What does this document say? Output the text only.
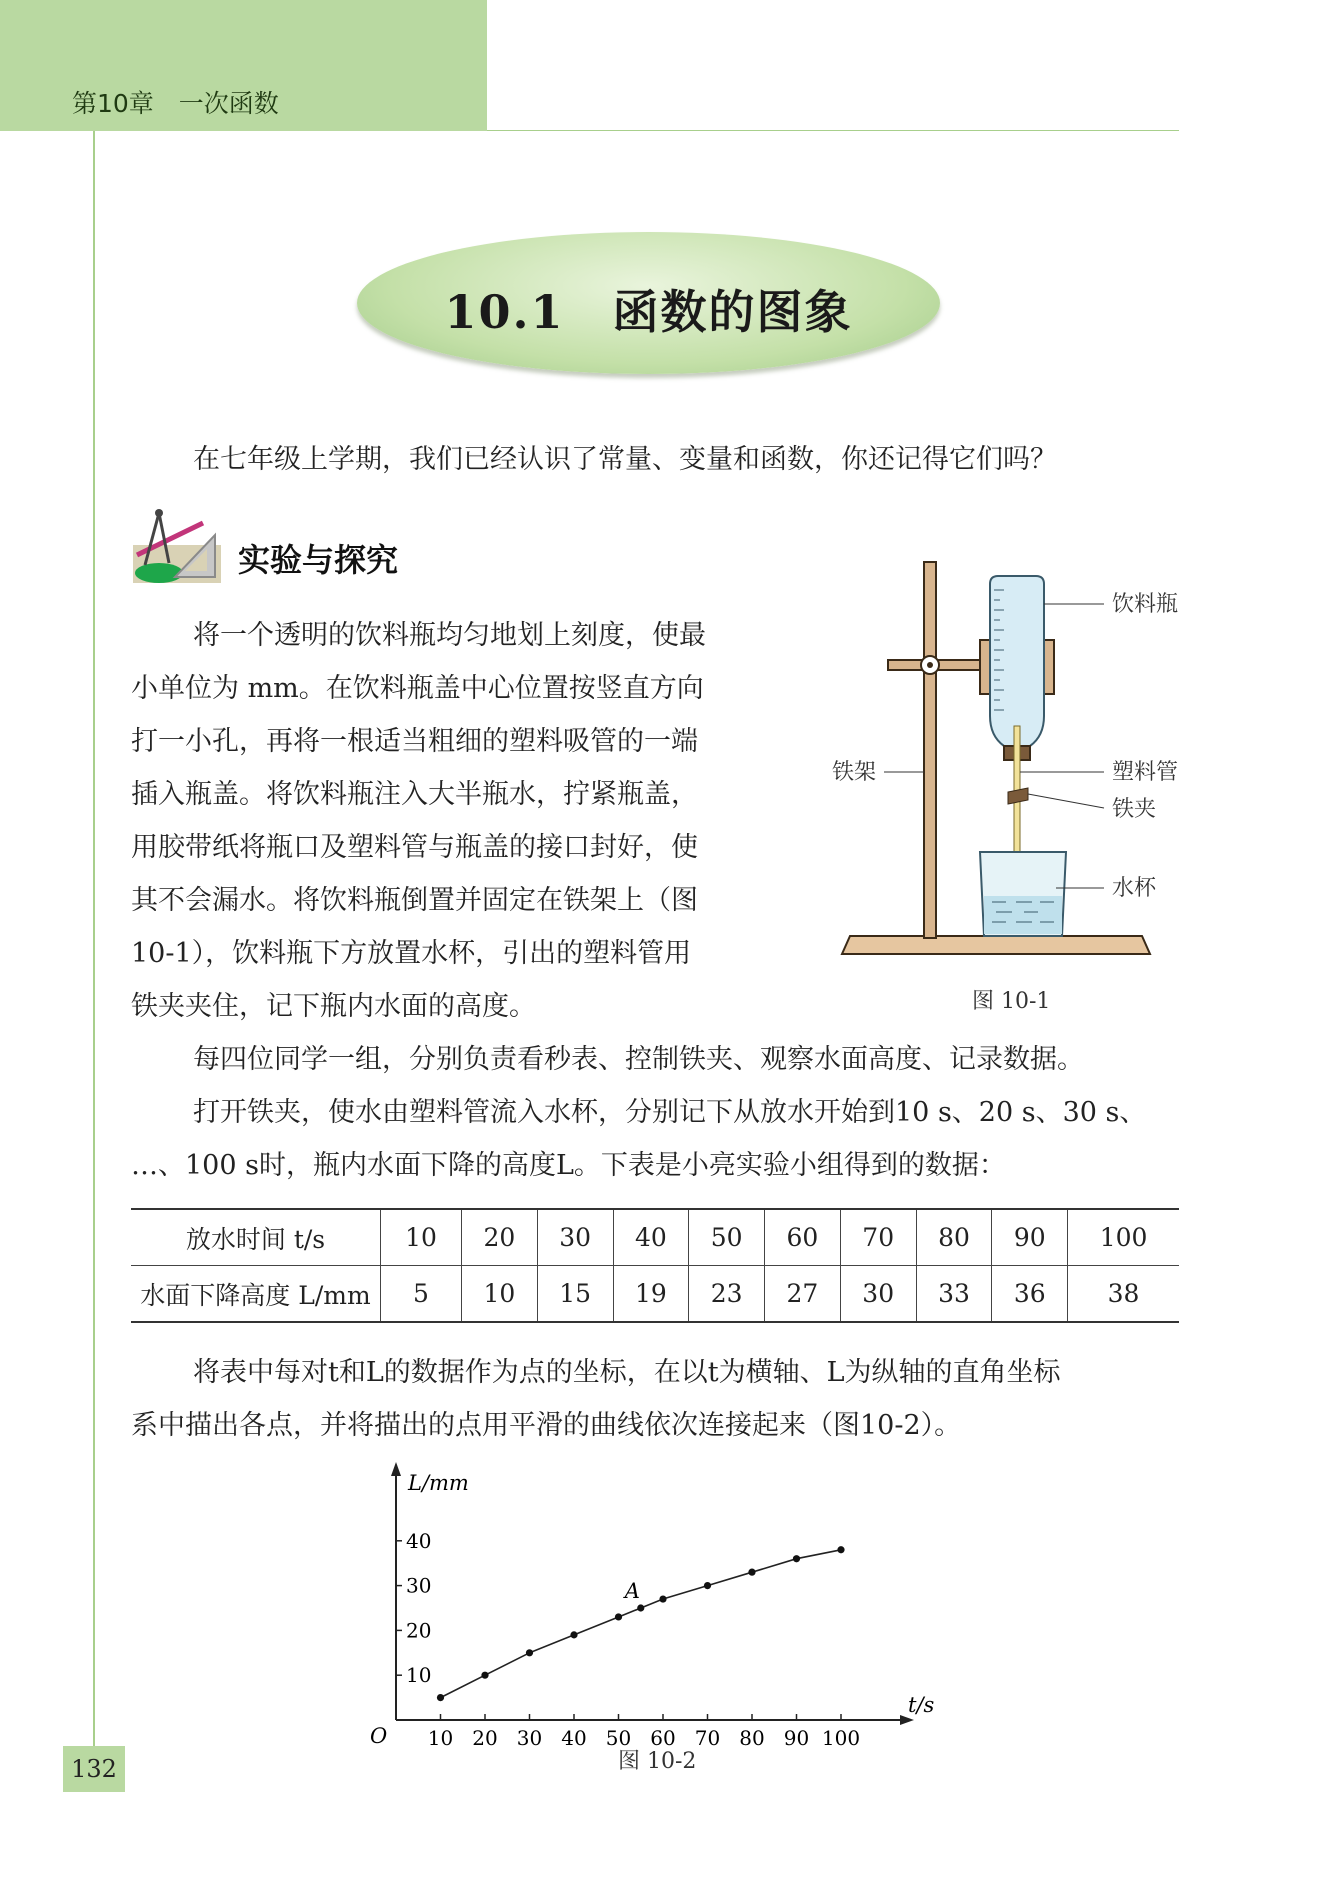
第10章　一次函数
132
10.1　函数的图象
在七年级上学期，我们已经认识了常量、变量和函数，你还记得它们吗？
实验与探究
将一个透明的饮料瓶均匀地划上刻度，使最
小单位为 mm。在饮料瓶盖中心位置按竖直方向
打一小孔，再将一根适当粗细的塑料吸管的一端
插入瓶盖。将饮料瓶注入大半瓶水，拧紧瓶盖，
用胶带纸将瓶口及塑料管与瓶盖的接口封好，使
其不会漏水。将饮料瓶倒置并固定在铁架上（图
10-1），饮料瓶下方放置水杯，引出的塑料管用
铁夹夹住，记下瓶内水面的高度。
饮料瓶
塑料管
铁夹
水杯
铁架
图 10-1
每四位同学一组，分别负责看秒表、控制铁夹、观察水面高度、记录数据。
打开铁夹，使水由塑料管流入水杯，分别记下从放水开始到10 s、20 s、30 s、
…、100 s时，瓶内水面下降的高度L。下表是小亮实验小组得到的数据：
放水时间 t/s	10	20	30	40	50	60	70	80	90	100
水面下降高度 L/mm	5	10	15	19	23	27	30	33	36	38
将表中每对t和L的数据作为点的坐标，在以t为横轴、L为纵轴的直角坐标
系中描出各点，并将描出的点用平滑的曲线依次连接起来（图10-2）。
L/mm
t/s
O 10 20 30 40 50 60 70 80 90 100
10
20
30
40
A
图 10-2
